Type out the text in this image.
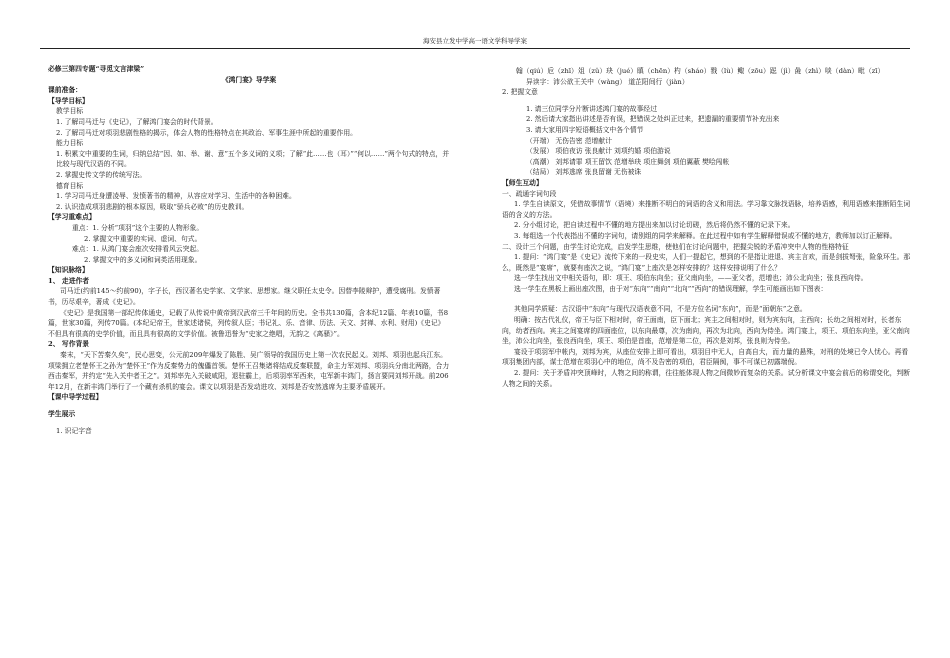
海安县立发中学高一语文学科导学案
必修三第四专题“寻觅文言津梁”
《鸿门宴》导学案
课前准备：
【导学目标】
教学目标
1. 了解司马迁与《史记》，了解鸿门宴会的时代背景。
2. 了解司马迁对项羽悲剧性格的揭示，体会人物的性格特点在其政治、军事生涯中所起的重要作用。
能力目标
1. 积累文中重要的生词，归纳总结“因、如、举、谢、意”五个多义词的义项；了解“此……也（耳）”“何以……”两个句式的特点，并比较与现代汉语的不同。
2. 掌握史传文学的传统写法。
德育目标
1. 学习司马迁身遭凌辱、发愤著书的精神，从容应对学习、生活中的各种困难。
2. 认识造成项羽悲剧的根本原因，吸取“骄兵必败”的历史教训。
【学习重难点】
重点：1. 分析“项羽”这个主要的人物形象。
2. 掌握文中重要的实词、虚词、句式。
难点：1. 从鸿门宴会座次安排看风云突起。
2. 掌握文中的多义词和词类活用现象。
【知识脉络】
1、 走进作者
司马迁(约前145～约前90)，字子长，西汉著名史学家、文学家、思想家。继父职任太史令。因替李陵辩护，遭受腐刑。发愤著书，历尽艰辛，著成《史记》。
《史记》是我国第一部纪传体通史，记载了从传说中黄帝到汉武帝三千年间的历史。全书共130篇，含本纪12篇、年表10篇，书8篇，世家30篇，列传70篇。(本纪记帝王，世家述诸侯，列传叙人臣；书记礼、乐、音律、历法、天文、封禅、水利、财用)《史记》不但具有很高的史学价值，而且具有很高的文学价值。被鲁迅誉为“史家之绝唱，无韵之《离骚》”。
2、 写作背景
秦末，“天下苦秦久矣”，民心思变，公元前209年爆发了陈胜、吴广领导的我国历史上第一次农民起义。刘邦、项羽也起兵江东。项梁拥立老楚怀王之孙为“楚怀王”作为反秦势力的傀儡首领。楚怀王召集诸将结成反秦联盟，命主力军刘邦、项羽兵分南北两路，合力西击秦军，并约定“先入关中者王之”。刘邦率先入关破咸阳，退驻霸上，后项羽率军西来，屯军新丰鸿门，扬言要同刘邦开战。前206年12月，在新丰鸿门举行了一个藏有杀机的宴会。课文以项羽是否发动进攻、刘邦是否安然逃席为主要矛盾展开。
【课中导学过程】
学生展示
1. 识记字音
翰（qiú）卮（zhī）俎（zǔ）玦（jué）瞋（chēn）杓（sháo）戮（lù）鲰（zōu）跽（jì）彘（zhì）啖（dàn）毗（zī）
异读字：沛公欲王关中（wàng） 道芷阳间行（jiàn）
2. 把握文意
1. 请三位同学分片断讲述鸿门宴的故事经过
2. 然后请大家指出讲述是否有误，把错误之处纠正过来，把遗漏的重要情节补充出来
3. 请大家用四字短语概括文中各个情节
（开端） 无伤告密 范增献计
（发展） 项伯夜访 张良献计 刘项约婚 项伯游说
（高潮） 刘邦请罪 项王留饮 范增举玦 项庄舞剑 项伯翼蔽 樊哙闯帐
（结局） 刘邦逃席 张良留谢 无伤被诛
【师生互动】
一、疏通字词句段
1. 学生自读原文，凭借故事情节（语境）来推断不明白的词语的含义和用法。学习靠文脉找语脉，培养语感，利用语感来推断陌生词语的含义的方法。
2. 分小组讨论，把自读过程中不懂的地方提出来加以讨论切磋，然后将仍然不懂的记录下来。
3. 每组选一个代表指出不懂的字词句，请别组的同学来解释。在此过程中如有学生解释错误或不懂的地方，教师加以订正解释。
二、设计三个问题，由学生讨论完成，启发学生思维，使他们在讨论问题中，把握尖锐的矛盾冲突中人物的性格特征
1. 提问：“鸿门宴”是《史记》流传下来的一段史实，人们一提起它，想到的不是指让进退、宾主言欢，而是剑拔弩张，险象环生。那么，既然是“宴席”，就要有座次之说，“鸿门宴”上座次是怎样安排的？这样安排说明了什么？
选一学生找出文中相关语句，即：项王、项伯东向坐；亚父南向坐，——亚父者，范增也；沛公北向坐；张良西向侍。
选一学生在黑板上画出座次图，由于对“东向”“南向”“北向”“西向”的错误理解，学生可能画出如下图表：
其他同学质疑：古汉语中“东向”与现代汉语表意不同，不是方位名词“东向”，而是“面朝东”之意。
明确：按古代礼仪，帝王与臣下相对时，帝王面南，臣下面北；宾主之间相对时，则为宾东向，主西向；长幼之间相对时，长者东向，幼者西向。宾主之间宴席的四面座位，以东向最尊，次为南向，再次为北向，西向为侍坐。鸿门宴上，项王、项伯东向坐，亚父南向坐，沛公北向坐，张良西向坐，项王、项伯是首座，范增是第二位，再次是刘邦，张良则为侍坐。
宴设于项羽军中帐内，刘邦为宾，从座位安排上即可看出，项羽目中无人，自高自大，而力量的悬殊，对刑的处境已令人忧心。再看项羽集团内部，谋士范增在项羽心中的地位，尚不及告密的项伯，君臣隔阂，事不可谋已初露端倪。
2. 提问：关于矛盾冲突顶峰时，人物之间的称谓，往往能体现人物之间微妙而复杂的关系。试分析课文中宴会前后的称谓变化，判断人物之间的关系。
